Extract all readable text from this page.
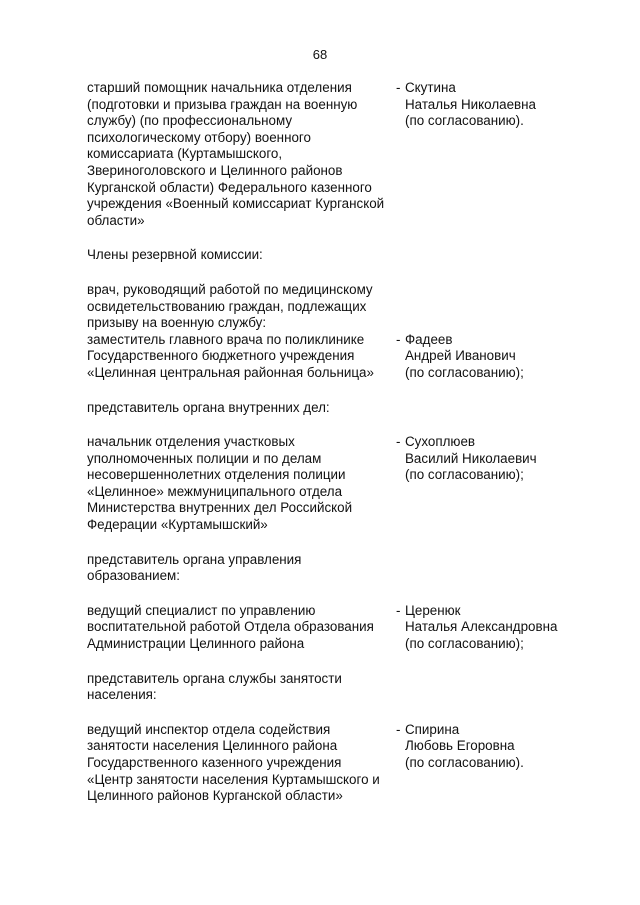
68
старший помощник начальника отделения
(подготовки и призыва граждан на военную
службу) (по профессиональному
психологическому отбору) военного
комиссариата (Куртамышского,
Звериноголовского и Целинного районов
Курганской области) Федерального казенного
учреждения «Военный комиссариат Курганской
области»
- Скутина
Наталья Николаевна
(по согласованию).
Члены резервной комиссии:
врач, руководящий работой по медицинскому
освидетельствованию граждан, подлежащих
призыву на военную службу:
заместитель главного врача по поликлинике
Государственного бюджетного учреждения
«Целинная центральная районная больница»
- Фадеев
Андрей Иванович
(по согласованию);
представитель органа внутренних дел:
начальник отделения участковых
уполномоченных полиции и по делам
несовершеннолетних отделения полиции
«Целинное» межмуниципального отдела
Министерства внутренних дел Российской
Федерации «Куртамышский»
- Сухоплюев
Василий Николаевич
(по согласованию);
представитель органа управления
образованием:
ведущий специалист по управлению
воспитательной работой Отдела образования
Администрации Целинного района
- Церенюк
Наталья Александровна
(по согласованию);
представитель органа службы занятости
населения:
ведущий инспектор отдела содействия
занятости населения Целинного района
Государственного казенного учреждения
«Центр занятости населения Куртамышского и
Целинного районов Курганской области»
- Спирина
Любовь Егоровна
(по согласованию).
